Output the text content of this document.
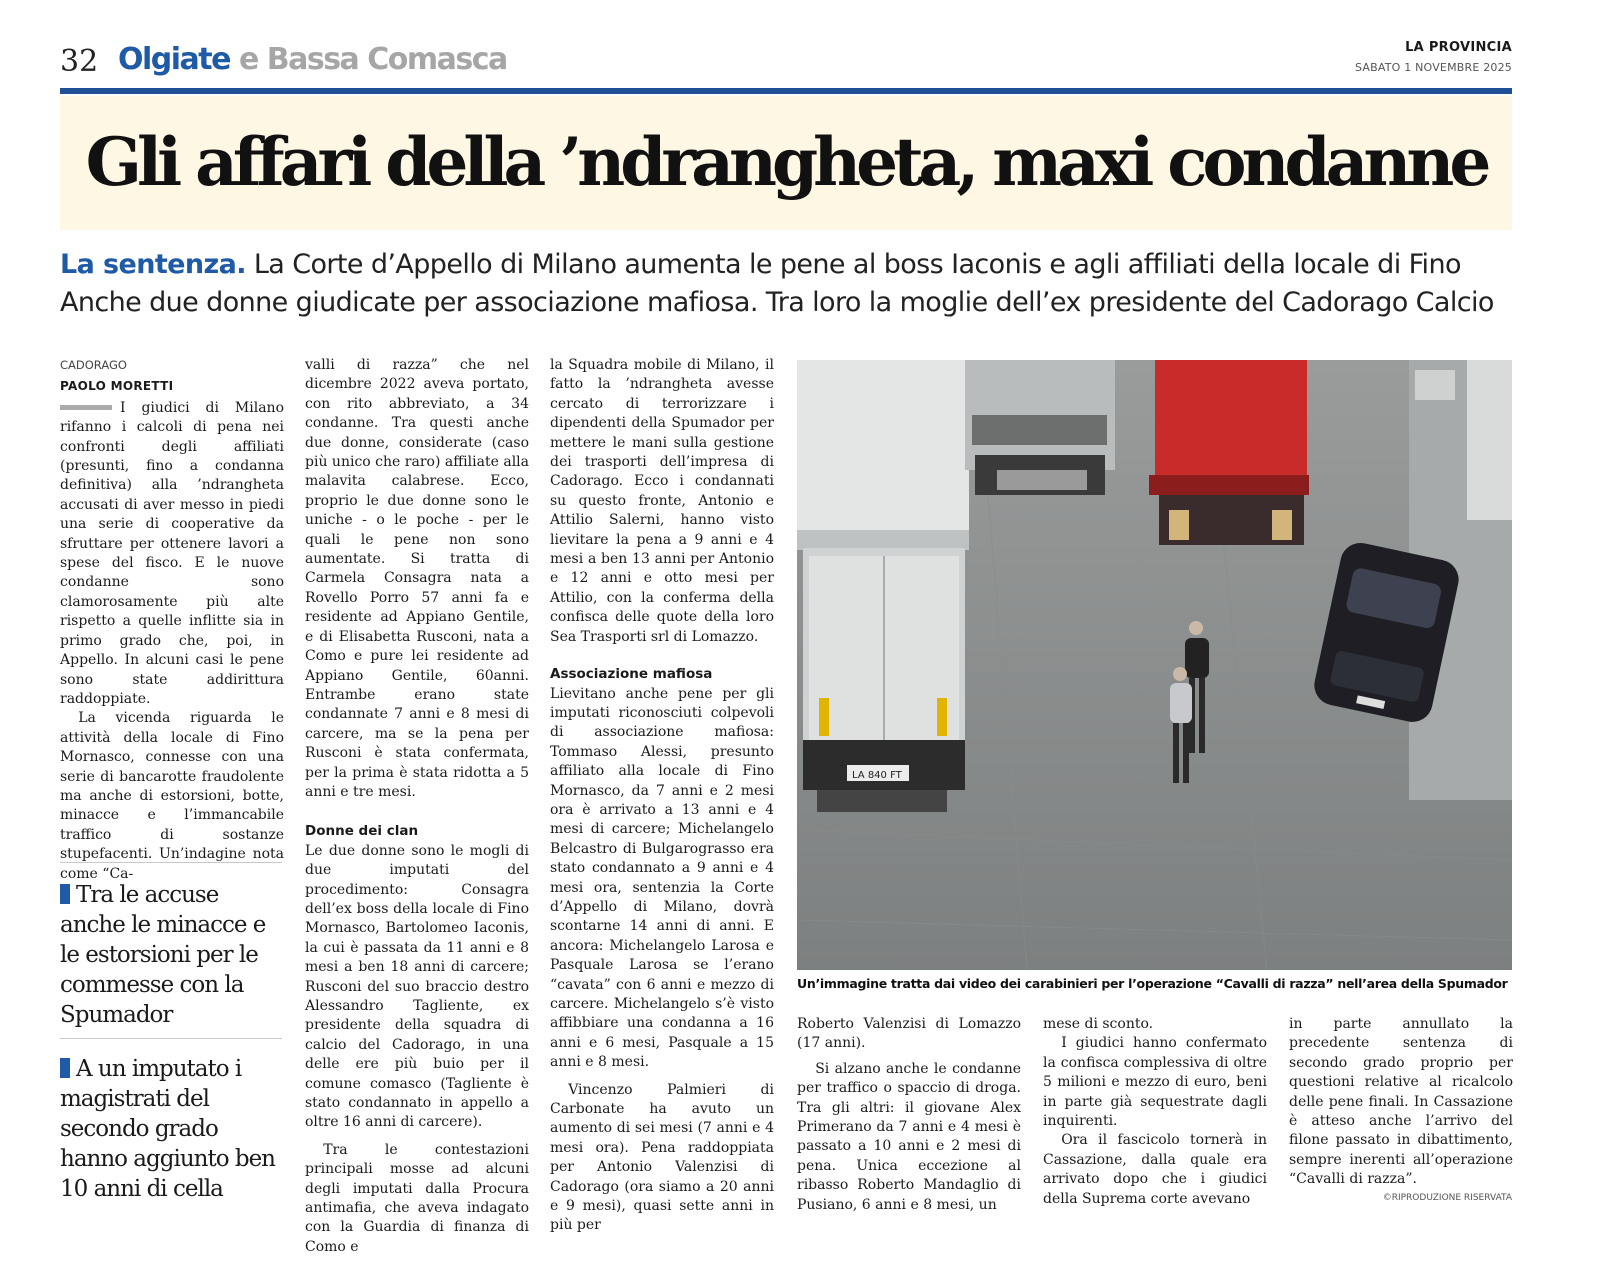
32 Olgiate e Bassa Comasca	LA PROVINCIA
SABATO 1 NOVEMBRE 2025
Gli affari della ’ndrangheta, maxi condanne
La sentenza. La Corte d’Appello di Milano aumenta le pene al boss Iaconis e agli affiliati della locale di Fino
Anche due donne giudicate per associazione mafiosa. Tra loro la moglie dell’ex presidente del Cadorago Calcio
CADORAGO
PAOLO MORETTI

I giudici di Milano rifanno i calcoli di pena nei confronti degli affiliati (presunti, fino a condanna definitiva) alla ’ndrangheta accusati di aver messo in piedi una serie di cooperative da sfruttare per ottenere lavori a spese del fisco. E le nuove condanne sono clamorosamente più alte rispetto a quelle inflitte sia in primo grado che, poi, in Appello. In alcuni casi le pene sono state addirittura raddoppiate.

La vicenda riguarda le attività della locale di Fino Mornasco, connesse con una serie di bancarotte fraudolente ma anche di estorsioni, botte, minacce e l’immancabile traffico di sostanze stupefacenti. Un’indagine nota come “Ca-

Tra le accuse anche le minacce e le estorsioni per le commesse con la Spumador
A un imputato i magistrati del secondo grado hanno aggiunto ben 10 anni di cella

valli di razza” che nel dicembre 2022 aveva portato, con rito abbreviato, a 34 condanne. Tra questi anche due donne, considerate (caso più unico che raro) affiliate alla malavita calabrese. Ecco, proprio le due donne sono le uniche - o le poche - per le quali le pene non sono aumentate. Si tratta di Carmela Consagra nata a Rovello Porro 57 anni fa e residente ad Appiano Gentile, e di Elisabetta Rusconi, nata a Como e pure lei residente ad Appiano Gentile, 60anni. Entrambe erano state condannate 7 anni e 8 mesi di carcere, ma se la pena per Rusconi è stata confermata, per la prima è stata ridotta a 5 anni e tre mesi.

Donne dei clan

Le due donne sono le mogli di due imputati del procedimento: Consagra dell’ex boss della locale di Fino Mornasco, Bartolomeo Iaconis, la cui è passata da 11 anni e 8 mesi a ben 18 anni di carcere; Rusconi del suo braccio destro Alessandro Tagliente, ex presidente della squadra di calcio del Cadorago, in una delle ere più buio per il comune comasco (Tagliente è stato condannato in appello a oltre 16 anni di carcere).

Tra le contestazioni principali mosse ad alcuni degli imputati dalla Procura antimafia, che aveva indagato con la Guardia di finanza di Como e

la Squadra mobile di Milano, il fatto la ’ndrangheta avesse cercato di terrorizzare i dipendenti della Spumador per mettere le mani sulla gestione dei trasporti dell’impresa di Cadorago. Ecco i condannati su questo fronte, Antonio e Attilio Salerni, hanno visto lievitare la pena a 9 anni e 4 mesi a ben 13 anni per Antonio e 12 anni e otto mesi per Attilio, con la conferma della confisca delle quote della loro Sea Trasporti srl di Lomazzo.

Associazione mafiosa

Lievitano anche pene per gli imputati riconosciuti colpevoli di associazione mafiosa: Tommaso Alessi, presunto affiliato alla locale di Fino Mornasco, da 7 anni e 2 mesi ora è arrivato a 13 anni e 4 mesi di carcere; Michelangelo Belcastro di Bulgarograsso era stato condannato a 9 anni e 4 mesi ora, sentenzia la Corte d’Appello di Milano, dovrà scontarne 14 anni di anni. E ancora: Michelangelo Larosa e Pasquale Larosa se l’erano “cavata” con 6 anni e mezzo di carcere. Michelangelo s’è visto affibbiare una condanna a 16 anni e 6 mesi, Pasquale a 15 anni e 8 mesi.

Vincenzo Palmieri di Carbonate ha avuto un aumento di sei mesi (7 anni e 4 mesi ora). Pena raddoppiata per Antonio Valenzisi di Cadorago (ora siamo a 20 anni e 9 mesi), quasi sette anni in più per

LA 840 FT
Un’immagine tratta dai video dei carabinieri per l’operazione “Cavalli di razza” nell’area della Spumador

Roberto Valenzisi di Lomazzo (17 anni).

Si alzano anche le condanne per traffico o spaccio di droga. Tra gli altri: il giovane Alex Primerano da 7 anni e 4 mesi è passato a 10 anni e 2 mesi di pena. Unica eccezione al ribasso Roberto Mandaglio di Pusiano, 6 anni e 8 mesi, un

mese di sconto.

I giudici hanno confermato la confisca complessiva di oltre 5 milioni e mezzo di euro, beni in parte già sequestrate dagli inquirenti.

Ora il fascicolo tornerà in Cassazione, dalla quale era arrivato dopo che i giudici della Suprema corte avevano

in parte annullato la precedente sentenza di secondo grado proprio per questioni relative al ricalcolo delle pene finali. In Cassazione è atteso anche l’arrivo del filone passato in dibattimento, sempre inerenti all’operazione “Cavalli di razza”.

©RIPRODUZIONE RISERVATA
